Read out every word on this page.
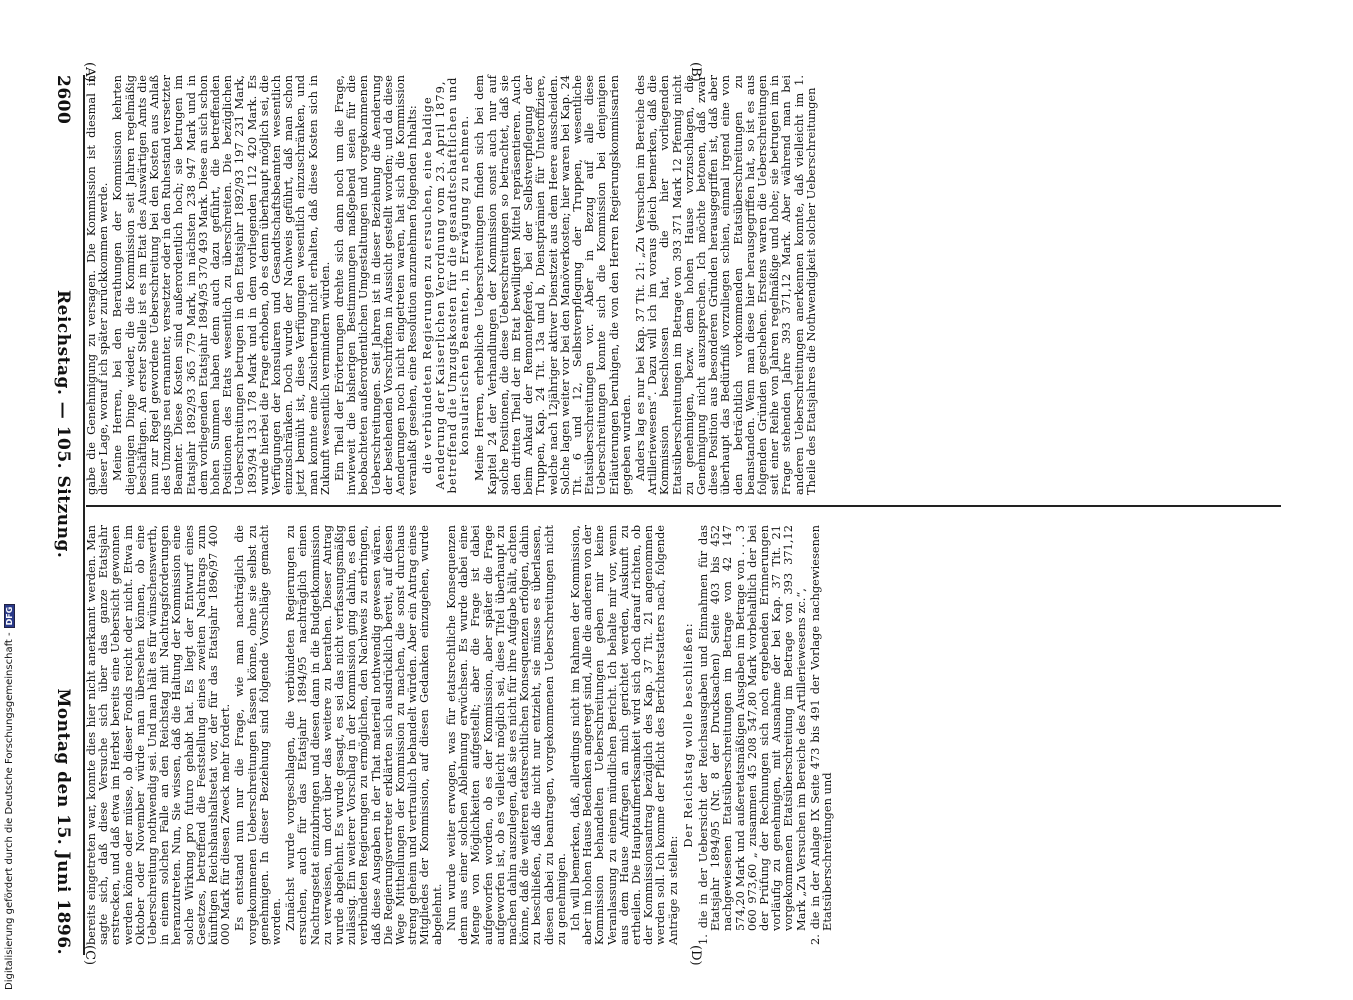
2600
Reichstag. — 105. Sitzung.
Montag den 15. Juni 1896.
(A)	(B)
(C)	(D)

gabe die Genehmigung zu versagen. Die Kommission ist diesmal in dieser Lage, worauf ich später zurückkommen werde. Meine Herren, bei den Berathungen der Kommission kehrten diejenigen Dinge wieder, die die Kommission seit Jahren regelmäßig beschäftigen. An erster Stelle ist es im Etat des Auswärtigen Amts die nun zur Regel gewordene Ueberschreitung bei den Kosten aus Anlaß des Umzugs neu ernannter, versetzter oder in den Ruhestand versetzter Beamter. Diese Kosten sind außerordentlich hoch; sie betrugen im Etatsjahr 1892/93 365 779 Mark, im nächsten 238 947 Mark und in dem vorliegenden Etatsjahr 1894/95 370 493 Mark. Diese an sich schon hohen Summen haben denn auch dazu geführt, die betreffenden Positionen des Etats wesentlich zu überschreiten. Die bezüglichen Ueberschreitungen betrugen in den Etatsjahr 1892/93 197 231 Mark, 1893/94 133 178 Mark und in dem vorliegenden 112 420 Mark. Es wurde hierbei die Frage erhoben, ob es denn überhaupt möglich sei, die Verfügungen der konsularen und Gesandtschaftsbeamten wesentlich einzuschränken. Doch wurde der Nachweis geführt, daß man schon jetzt bemüht ist, diese Verfügungen wesentlich einzuschränken, und man konnte eine Zusicherung nicht erhalten, daß diese Kosten sich in Zukunft wesentlich vermindern würden. Ein Theil der Erörterungen drehte sich dann noch um die Frage, inwieweit die bisherigen Bestimmungen maßgebend seien für die beobachteten außerordentlichen Umgestaltungen und vorgekommenen Ueberschreitungen. Seit Jahren ist in dieser Beziehung die Aenderung der bestehenden Vorschriften in Aussicht gestellt worden; und da diese Aenderungen noch nicht eingetreten waren, hat sich die Kommission veranlaßt gesehen, eine Resolution anzunehmen folgenden Inhalts: die verbündeten Regierungen zu ersuchen, eine baldige Aenderung der Kaiserlichen Verordnung vom 23. April 1879, betreffend die Umzugskosten für die gesandtschaftlichen und konsularischen Beamten, in Erwägung zu nehmen. Meine Herren, erhebliche Ueberschreitungen finden sich bei dem Kapitel 24 der Verhandlungen der Kommission sonst auch nur auf solche Positionen, die diese Ueberschreitungen so betrachtet, daß sie den dritten Theil der im Etat bewilligten Mittel repräsentieren. Auch beim Ankauf der Remontepferde, bei der Selbstverpflegung der Truppen, Kap. 24 Tit. 13a und b, Dienstprämien für Unteroffiziere, welche nach 12jähriger aktiver Dienstzeit aus dem Heere ausscheiden. Solche lagen weiter vor bei den Manöverkosten; hier waren bei Kap. 24 Tit. 6 und 12, Selbstverpflegung der Truppen, wesentliche Etatsüberschreitungen vor. Aber in Bezug auf alle diese Ueberschreitungen konnte sich die Kommission bei denjenigen Erläuterungen beruhigen, die von den Herren Regierungskommissarien gegeben wurden. Anders lag es nur bei Kap. 37 Tit. 21: „Zu Versuchen im Bereiche des Artilleriewesens“. Dazu will ich im voraus gleich bemerken, daß die Kommission beschlossen hat, die hier vorliegenden Etatsüberschreitungen im Betrage von 393 371 Mark 12 Pfennig nicht zu genehmigen, bezw. dem hohen Hause vorzuschlagen, die Genehmigung nicht auszusprechen. Ich möchte betonen, daß zwar diese Position aus besonderen Gründen herausgegriffen ist, daß aber überhaupt das Bedürfniß vorzuliegen schien, einmal irgend eine von den beträchtlich vorkommenden Etatsüberschreitungen zu beanstanden. Wenn man diese hier herausgegriffen hat, so ist es aus folgenden Gründen geschehen. Erstens waren die Ueberschreitungen seit einer Reihe von Jahren regelmäßige und hohe; sie betrugen im in Frage stehenden Jahre 393 371,12 Mark. Aber während man bei anderen Ueberschreitungen anerkennen konnte, daß vielleicht im 1. Theile des Etatsjahres die Nothwendigkeit solcher Ueberschreitungen

bereits eingetreten war, konnte dies hier nicht anerkannt werden. Man sagte sich, daß diese Versuche sich über das ganze Etatsjahr erstrecken, und daß etwa im Herbst bereits eine Uebersicht gewonnen werden könne oder müsse, ob dieser Fonds reicht oder nicht. Etwa im Oktober oder November würde man übersehen können, ob eine Ueberschreitung nothwendig sei. Und man hält es für wünschenswerth, in einem solchen Falle an den Reichstag mit Nachtragsforderungen heranzutreten. Nun, Sie wissen, daß die Haltung der Kommission eine solche Wirkung pro futuro gehabt hat. Es liegt der Entwurf eines Gesetzes, betreffend die Feststellung eines zweiten Nachtrags zum künftigen Reichshaushaltsetat vor, der für das Etatsjahr 1896/97 400 000 Mark für diesen Zweck mehr fordert. Es entstand nun nur die Frage, wie man nachträglich die vorgekommenen Ueberschreitungen fassen könne, ohne sie selbst zu genehmigen. In dieser Beziehung sind folgende Vorschläge gemacht worden. Zunächst wurde vorgeschlagen, die verbündeten Regierungen zu ersuchen, auch für das Etatsjahr 1894/95 nachträglich einen Nachtragsetat einzubringen und diesen dann in die Budgetkommission zu verweisen, um dort über das weitere zu berathen. Dieser Antrag wurde abgelehnt. Es wurde gesagt, es sei das nicht verfassungsmäßig zulässig. Ein weiterer Vorschlag in der Kommission ging dahin, es den verbündeten Regierungen zu ermöglichen, den Nachweis zu erbringen, daß diese Ausgaben in der That materiell nothwendig gewesen wären. Die Regierungsvertreter erklärten sich ausdrücklich bereit, auf diesen Wege Mittheilungen der Kommission zu machen, die sonst durchaus streng geheim und vertraulich behandelt würden. Aber ein Antrag eines Mitgliedes der Kommission, auf diesen Gedanken einzugehen, wurde abgelehnt. Nun wurde weiter erwogen, was für etatsrechtliche Konsequenzen denn aus einer solchen Ablehnung erwüchsen. Es wurde dabei eine Menge von Möglichkeiten aufgestellt; aber die Frage ist dabei aufgeworfen worden, ob es der Kommission, aber später die Frage aufgeworfen ist, ob es vielleicht möglich sei, diese Titel überhaupt zu machen dahin auszulegen, daß sie es nicht für ihre Aufgabe hält, achten könne, daß die weiteren etatsrechtlichen Konsequenzen erfolgen, dahin zu beschließen, daß die nicht nur entzieht, sie müsse es überlassen, diesen dabei zu beantragen, vorgekommenen Ueberschreitungen nicht zu genehmigen. Ich will bemerken, daß, allerdings nicht im Rahmen der Kommission, aber im hohen Hause Bedenken angeregt sind, Alle die anderen von der Kommission behandelten Ueberschreitungen geben mir keine Veranlassung zu einem mündlichen Bericht. Ich behalte mir vor, wenn aus dem Hause Anfragen an mich gerichtet werden, Auskunft zu ertheilen. Die Hauptaufmerksamkeit wird sich doch darauf richten, ob der Kommissionsantrag bezüglich des Kap. 37 Tit. 21 angenommen werden soll. Ich komme der Pflicht des Berichterstatters nach, folgende Anträge zu stellen:

Der Reichstag wolle beschließen: 1. die in der Uebersicht der Reichsausgaben und Einnahmen für das Etatsjahr 1894/95 (Nr. 8 der Drucksachen) Seite 403 bis 452 nachgewiesenen Etatsüberschreitungen im Betrage von 42 147 574,20 Mark und außeretatsmäßigen Ausgaben im Betrage von . . . 3 060 973,60 „ zusammen 45 208 547,80 Mark vorbehaltlich der bei der Prüfung der Rechnungen sich noch ergebenden Erinnerungen vorläufig zu genehmigen, mit Ausnahme der bei Kap. 37 Tit. 21 vorgekommenen Etatsüberschreitung im Betrage von 393 371,12 Mark „Zu Versuchen im Bereiche des Artilleriewesens zc.“, 2. die in der Anlage IX Seite 473 bis 491 der Vorlage nachgewiesenen Etatsüberschreitungen und

Digitalisierung gefördert durch die Deutsche Forschungsgemeinschaft -DFG
